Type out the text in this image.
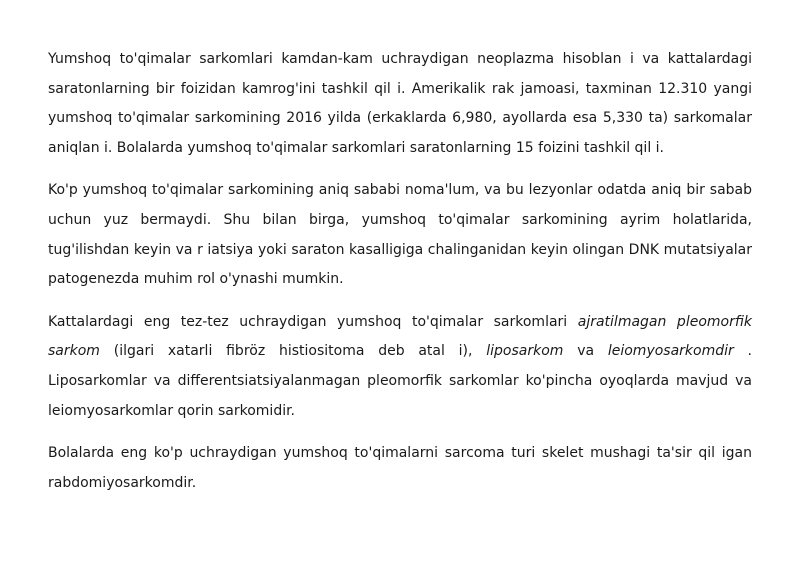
Yumshoq to'qimalar sarkomlari kamdan-kam uchraydigan neoplazma hisoblan i va kattalardagi saratonlarning bir foizidan kamrog'ini tashkil qil i. Amerikalik rak jamoasi, taxminan 12.310 yangi yumshoq to'qimalar sarkomining 2016 yilda (erkaklarda 6,980, ayollarda esa 5,330 ta) sarkomalar aniqlan i. Bolalarda yumshoq to'qimalar sarkomlari saratonlarning 15 foizini tashkil qil i.

Ko'p yumshoq to'qimalar sarkomining aniq sababi noma'lum, va bu lezyonlar odatda aniq bir sabab uchun yuz bermaydi. Shu bilan birga, yumshoq to'qimalar sarkomining ayrim holatlarida, tug'ilishdan keyin va r iatsiya yoki saraton kasalligiga chalinganidan keyin olingan DNK mutatsiyalar patogenezda muhim rol o'ynashi mumkin.

Kattalardagi eng tez-tez uchraydigan yumshoq to'qimalar sarkomlari ajratilmagan pleomorfik sarkom (ilgari xatarli fibröz histiositoma deb atal i), liposarkom va leiomyosarkomdir . Liposarkomlar va differentsiatsiyalanmagan pleomorfik sarkomlar ko'pincha oyoqlarda mavjud va leiomyosarkomlar qorin sarkomidir.

Bolalarda eng ko'p uchraydigan yumshoq to'qimalarni sarcoma turi skelet mushagi ta'sir qil igan rabdomiyosarkomdir.
